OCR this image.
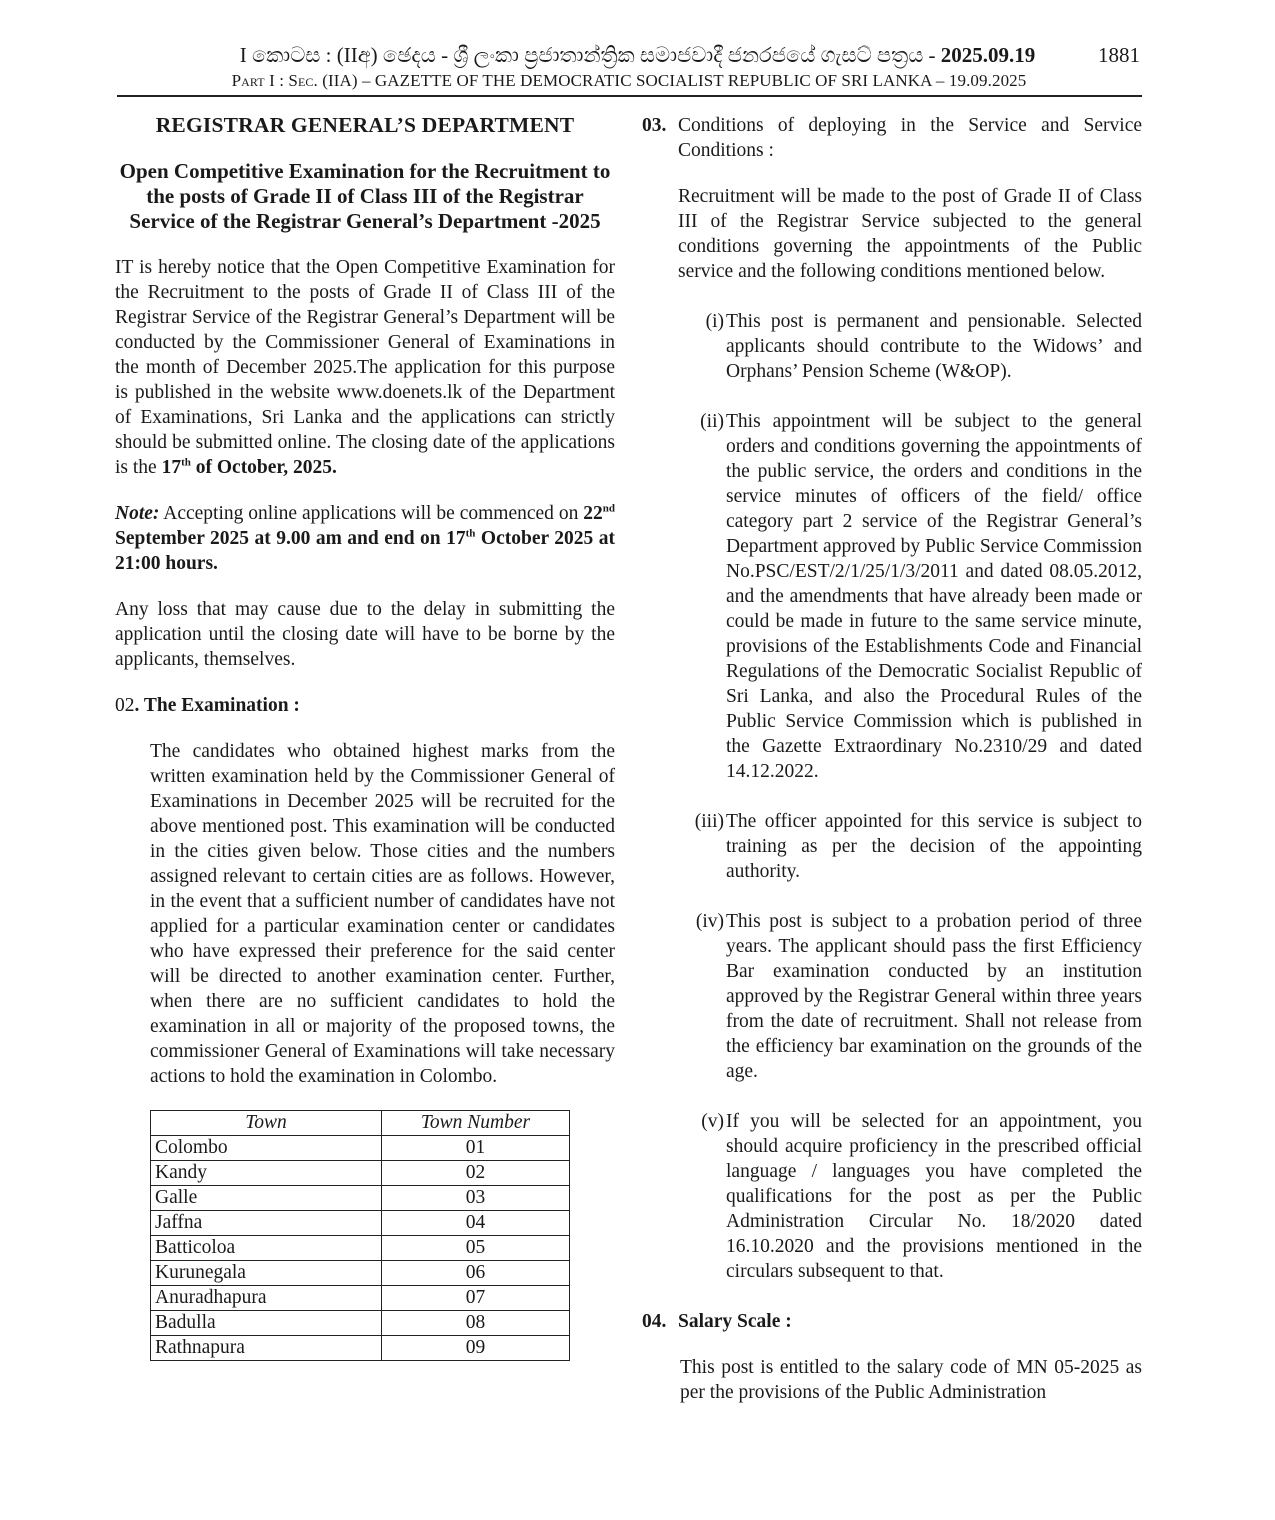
I කොටස : (IIඅ) ඡෙදය - ශ්‍රී ලංකා ප්‍රජාතාන්ත්‍රික සමාජවාදී ජනරජයේ ගැසට් පත්‍රය - 2025.09.19	1881
Part I : Sec. (IIA) – GAZETTE OF THE DEMOCRATIC SOCIALIST REPUBLIC OF SRI LANKA – 19.09.2025

REGISTRAR GENERAL’S DEPARTMENT

Open Competitive Examination for the Recruitment to the posts of Grade II of Class III of the Registrar Service of the Registrar General’s Department -2025

IT is hereby notice that the Open Competitive Examination for the Recruitment to the posts of Grade II of Class III of the Registrar Service of the Registrar General’s Department will be conducted by the Commissioner General of Examinations in the month of December 2025.The application for this purpose is published in the website www.doenets.lk of the Department of Examinations, Sri Lanka and the applications can strictly should be submitted online. The closing date of the applications is the 17th of October, 2025.

Note: Accepting online applications will be commenced on 22nd September 2025 at 9.00 am and end on 17th October 2025 at 21:00 hours.

Any loss that may cause due to the delay in submitting the application until the closing date will have to be borne by the applicants, themselves.

02. The Examination :

The candidates who obtained highest marks from the written examination held by the Commissioner General of Examinations in December 2025 will be recruited for the above mentioned post. This examination will be conducted in the cities given below. Those cities and the numbers assigned relevant to certain cities are as follows. However, in the event that a sufficient number of candidates have not applied for a particular examination center or candidates who have expressed their preference for the said center will be directed to another examination center. Further, when there are no sufficient candidates to hold the examination in all or majority of the proposed towns, the commissioner General of Examinations will take necessary actions to hold the examination in Colombo.

Town	Town Number
Colombo	01
Kandy	02
Galle	03
Jaffna	04
Batticoloa	05
Kurunegala	06
Anuradhapura	07
Badulla	08
Rathnapura	09
03. Conditions of deploying in the Service and Service Conditions :

Recruitment will be made to the post of Grade II of Class III of the Registrar Service subjected to the general conditions governing the appointments of the Public service and the following conditions mentioned below.

(i) This post is permanent and pensionable. Selected applicants should contribute to the Widows’ and Orphans’ Pension Scheme (W&OP).
(ii) This appointment will be subject to the general orders and conditions governing the appointments of the public service, the orders and conditions in the service minutes of officers of the field/ office category part 2 service of the Registrar General’s Department approved by Public Service Commission No.PSC/EST/2/1/25/1/3/2011 and dated 08.05.2012, and the amendments that have already been made or could be made in future to the same service minute, provisions of the Establishments Code and Financial Regulations of the Democratic Socialist Republic of Sri Lanka, and also the Procedural Rules of the Public Service Commission which is published in the Gazette Extraordinary No.2310/29 and dated 14.12.2022.
(iii) The officer appointed for this service is subject to training as per the decision of the appointing authority.
(iv) This post is subject to a probation period of three years. The applicant should pass the first Efficiency Bar examination conducted by an institution approved by the Registrar General within three years from the date of recruitment. Shall not release from the efficiency bar examination on the grounds of the age.
(v) If you will be selected for an appointment, you should acquire proficiency in the prescribed official language / languages you have completed the qualifications for the post as per the Public Administration Circular No. 18/2020 dated 16.10.2020 and the provisions mentioned in the circulars subsequent to that.
04. Salary Scale :

This post is entitled to the salary code of MN 05-2025 as per the provisions of the Public Administration
